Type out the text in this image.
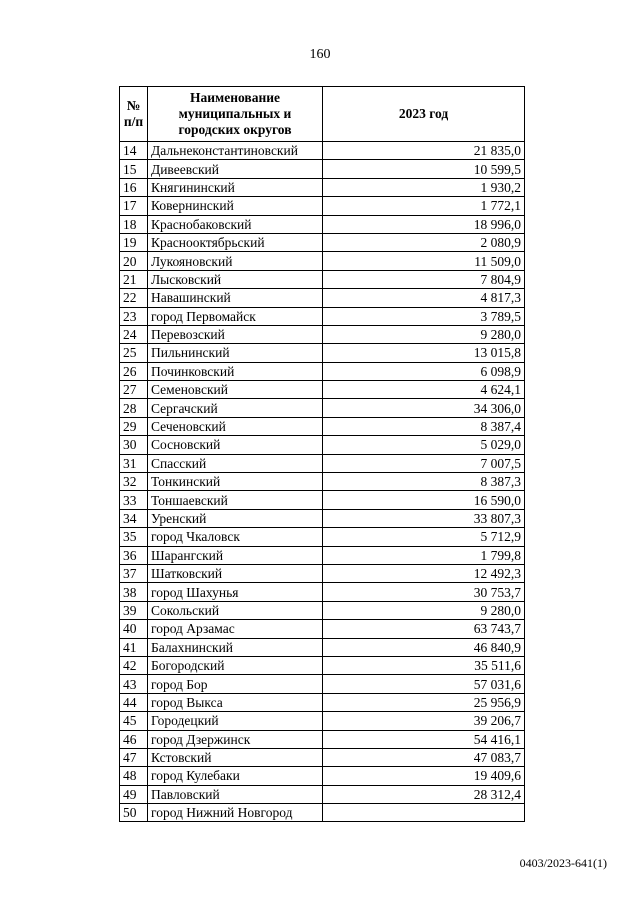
160
№ п/п	Наименование муниципальных и городских округов	2023 год
14	Дальнеконстантиновский	21 835,0
15	Дивеевский	10 599,5
16	Княгининский	1 930,2
17	Ковернинский	1 772,1
18	Краснобаковский	18 996,0
19	Краснооктябрьский	2 080,9
20	Лукояновский	11 509,0
21	Лысковский	7 804,9
22	Навашинский	4 817,3
23	город Первомайск	3 789,5
24	Перевозский	9 280,0
25	Пильнинский	13 015,8
26	Починковский	6 098,9
27	Семеновский	4 624,1
28	Сергачский	34 306,0
29	Сеченовский	8 387,4
30	Сосновский	5 029,0
31	Спасский	7 007,5
32	Тонкинский	8 387,3
33	Тоншаевский	16 590,0
34	Уренский	33 807,3
35	город Чкаловск	5 712,9
36	Шарангский	1 799,8
37	Шатковский	12 492,3
38	город Шахунья	30 753,7
39	Сокольский	9 280,0
40	город Арзамас	63 743,7
41	Балахнинский	46 840,9
42	Богородский	35 511,6
43	город Бор	57 031,6
44	город Выкса	25 956,9
45	Городецкий	39 206,7
46	город Дзержинск	54 416,1
47	Кстовский	47 083,7
48	город Кулебаки	19 409,6
49	Павловский	28 312,4
50	город Нижний Новгород	
0403/2023-641(1)
